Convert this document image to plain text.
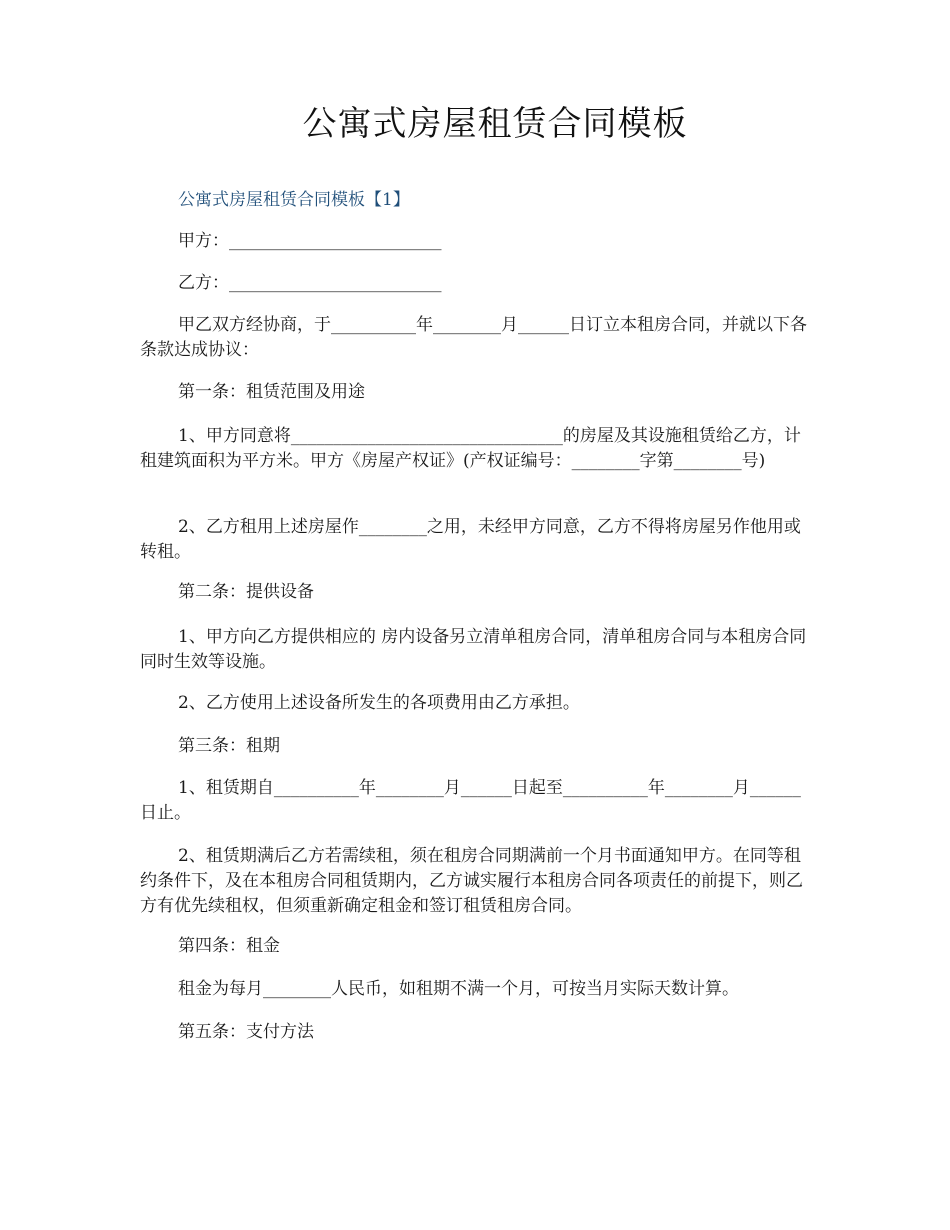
公寓式房屋租赁合同模板
公寓式房屋租赁合同模板【1】
甲方：_________________________
乙方：_________________________
甲乙双方经协商，于__________年________月______日订立本租房合同，并就以下各条款达成协议：
第一条：租赁范围及用途
1、甲方同意将________________________________的房屋及其设施租赁给乙方，计租建筑面积为平方米。甲方《房屋产权证》(产权证编号：________字第________号)
2、乙方租用上述房屋作________之用，未经甲方同意，乙方不得将房屋另作他用或转租。
第二条：提供设备
1、甲方向乙方提供相应的 房内设备另立清单租房合同，清单租房合同与本租房合同同时生效等设施。
2、乙方使用上述设备所发生的各项费用由乙方承担。
第三条：租期
1、租赁期自__________年________月______日起至__________年________月______日止。
2、租赁期满后乙方若需续租，须在租房合同期满前一个月书面通知甲方。在同等租约条件下，及在本租房合同租赁期内，乙方诚实履行本租房合同各项责任的前提下，则乙方有优先续租权，但须重新确定租金和签订租赁租房合同。
第四条：租金
租金为每月________人民币，如租期不满一个月，可按当月实际天数计算。
第五条：支付方法
